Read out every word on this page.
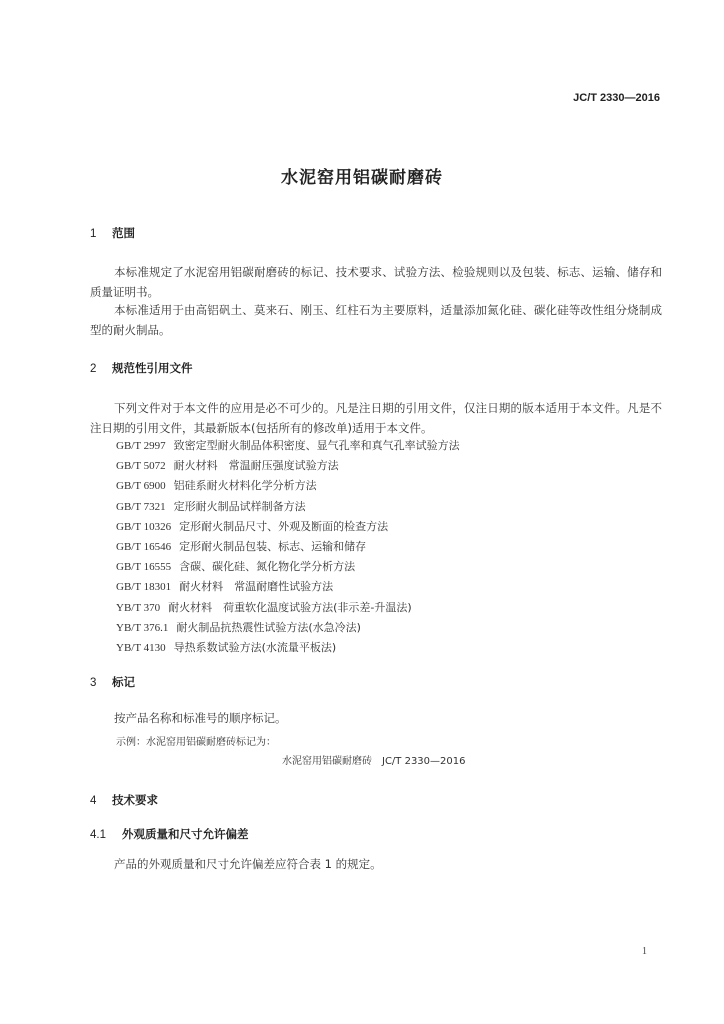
JC/T 2330—2016
水泥窑用铝碳耐磨砖
1 范围
本标准规定了水泥窑用铝碳耐磨砖的标记、技术要求、试验方法、检验规则以及包装、标志、运输、储存和质量证明书。
本标准适用于由高铝矾土、莫来石、刚玉、红柱石为主要原料，适量添加氮化硅、碳化硅等改性组分烧制成型的耐火制品。
2 规范性引用文件
下列文件对于本文件的应用是必不可少的。凡是注日期的引用文件，仅注日期的版本适用于本文件。凡是不注日期的引用文件，其最新版本(包括所有的修改单)适用于本文件。
GB/T 2997 致密定型耐火制品体积密度、显气孔率和真气孔率试验方法
GB/T 5072 耐火材料　常温耐压强度试验方法
GB/T 6900 铝硅系耐火材料化学分析方法
GB/T 7321 定形耐火制品试样制备方法
GB/T 10326 定形耐火制品尺寸、外观及断面的检查方法
GB/T 16546 定形耐火制品包装、标志、运输和储存
GB/T 16555 含碳、碳化硅、氮化物化学分析方法
GB/T 18301 耐火材料　常温耐磨性试验方法
YB/T 370 耐火材料　荷重软化温度试验方法(非示差-升温法)
YB/T 376.1 耐火制品抗热震性试验方法(水急冷法)
YB/T 4130 导热系数试验方法(水流量平板法)
3 标记
按产品名称和标准号的顺序标记。
示例：水泥窑用铝碳耐磨砖标记为：
水泥窑用铝碳耐磨砖　JC/T 2330—2016
4 技术要求
4.1 外观质量和尺寸允许偏差
产品的外观质量和尺寸允许偏差应符合表 1 的规定。
1
